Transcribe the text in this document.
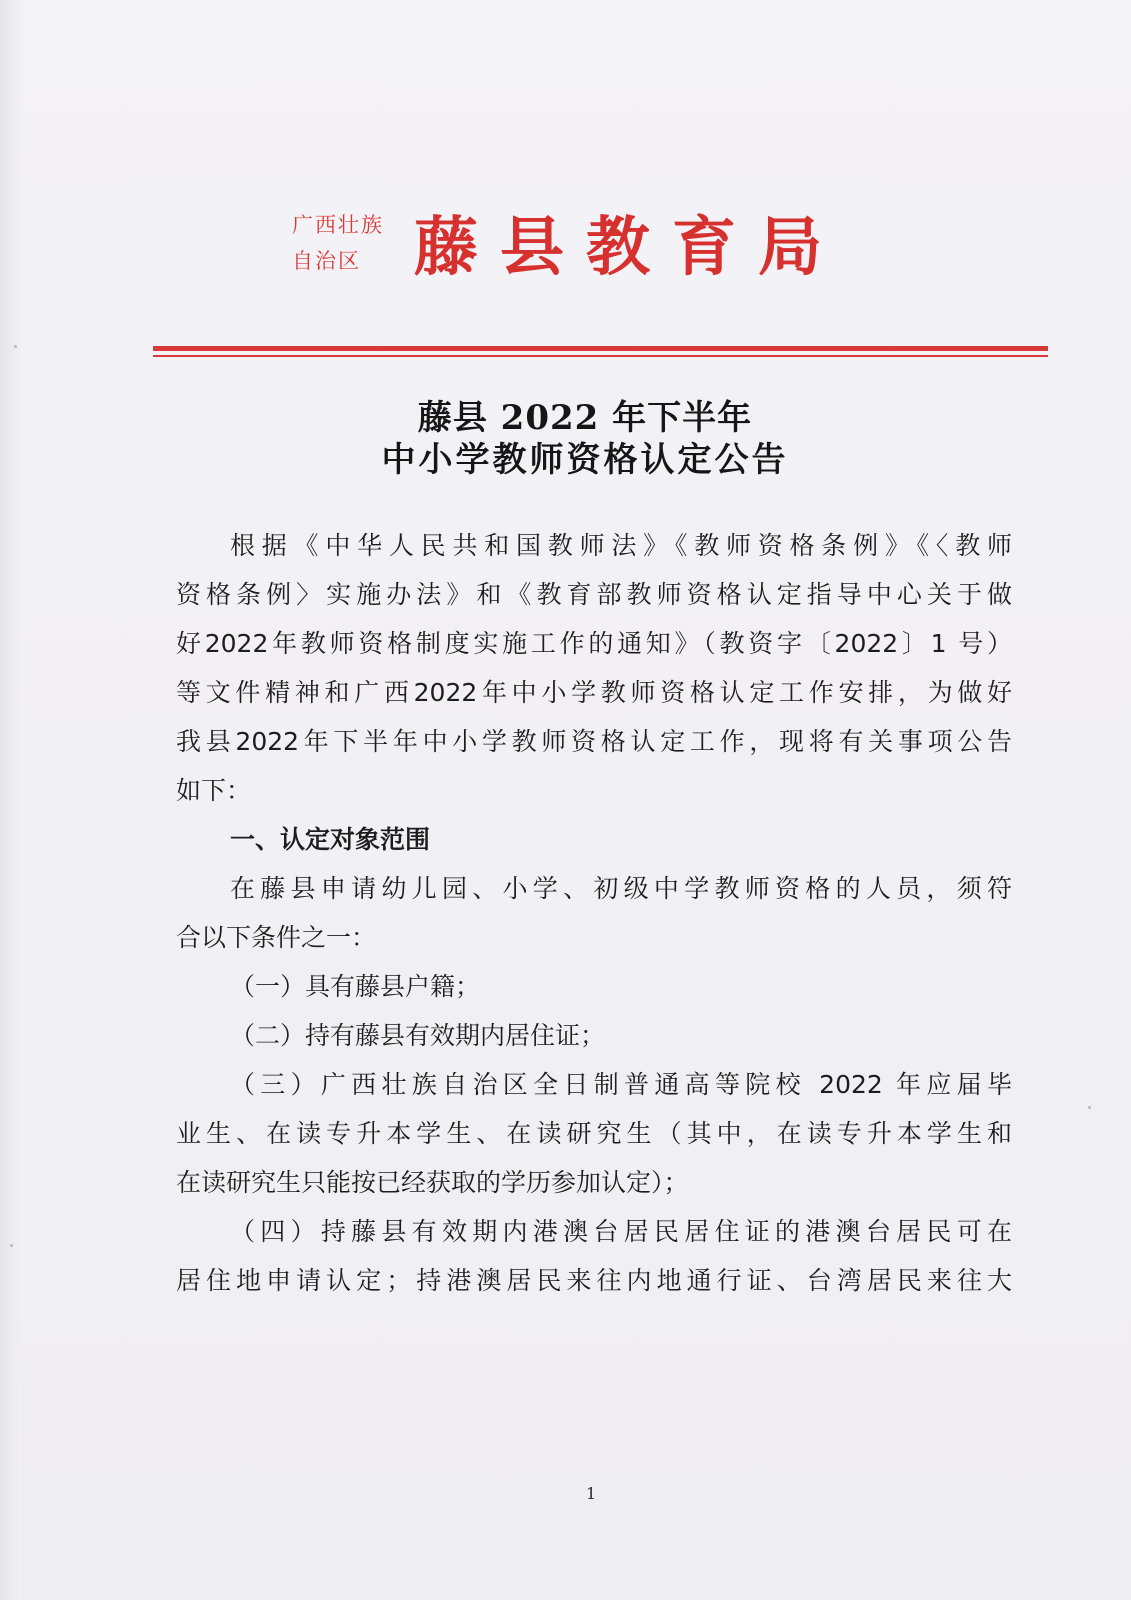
广西壮族
自治区 藤县教育局
藤县 2022 年下半年
中小学教师资格认定公告
根据《中华人民共和国教师法》《教师资格条例》《〈教师
资格条例〉实施办法》和《教育部教师资格认定指导中心关于做
好2022年教师资格制度实施工作的通知》（教资字〔2022〕1 号）
等文件精神和广西2022年中小学教师资格认定工作安排，为做好
我县2022年下半年中小学教师资格认定工作，现将有关事项公告
如下：
一、认定对象范围
在藤县申请幼儿园、小学、初级中学教师资格的人员，须符
合以下条件之一：
（一）具有藤县户籍；
（二）持有藤县有效期内居住证；
（三）广西壮族自治区全日制普通高等院校 2022 年应届毕
业生、在读专升本学生、在读研究生（其中，在读专升本学生和
在读研究生只能按已经获取的学历参加认定）；
（四）持藤县有效期内港澳台居民居住证的港澳台居民可在
居住地申请认定；持港澳居民来往内地通行证、台湾居民来往大
1
